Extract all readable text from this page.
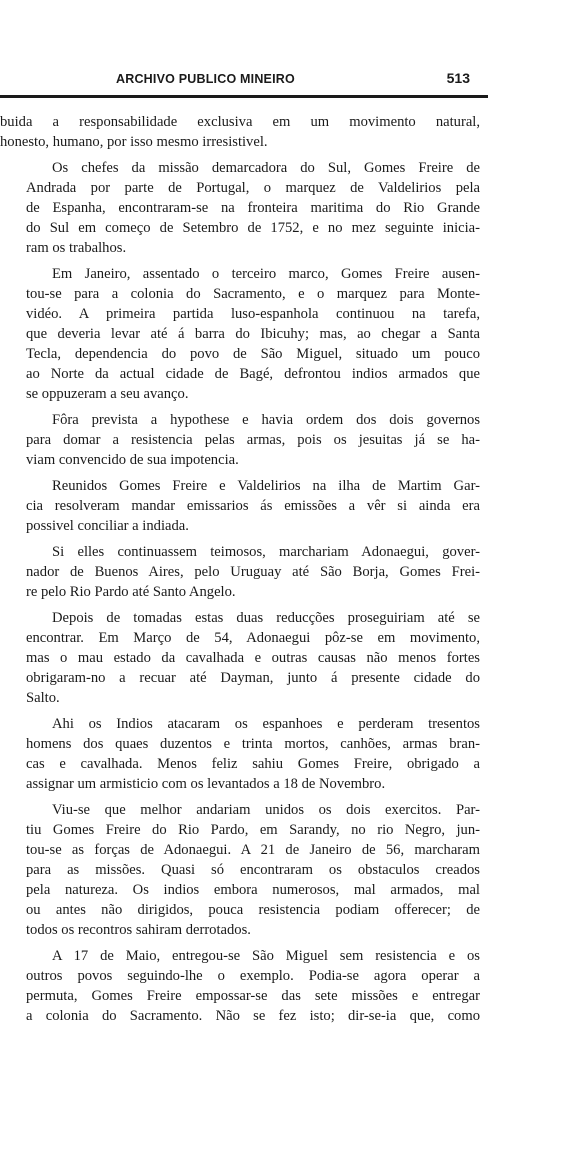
ARCHIVO PUBLICO MINEIRO	513
buida a responsabilidade exclusiva em um movimento natural,
honesto, humano, por isso mesmo irresistivel.
Os chefes da missão demarcadora do Sul, Gomes Freire de
Andrada por parte de Portugal, o marquez de Valdelirios pela
de Espanha, encontraram-se na fronteira maritima do Rio Grande
do Sul em começo de Setembro de 1752, e no mez seguinte inicia-
ram os trabalhos.
Em Janeiro, assentado o terceiro marco, Gomes Freire ausen-
tou-se para a colonia do Sacramento, e o marquez para Monte-
vidéo. A primeira partida luso-espanhola continuou na tarefa,
que deveria levar até á barra do Ibicuhy; mas, ao chegar a Santa
Tecla, dependencia do povo de São Miguel, situado um pouco
ao Norte da actual cidade de Bagé, defrontou indios armados que
se oppuzeram a seu avanço.
Fôra prevista a hypothese e havia ordem dos dois governos
para domar a resistencia pelas armas, pois os jesuitas já se ha-
viam convencido de sua impotencia.
Reunidos Gomes Freire e Valdelirios na ilha de Martim Gar-
cia resolveram mandar emissarios ás emissões a vêr si ainda era
possivel conciliar a indiada.
Si elles continuassem teimosos, marchariam Adonaegui, gover-
nador de Buenos Aires, pelo Uruguay até São Borja, Gomes Frei-
re pelo Rio Pardo até Santo Angelo.
Depois de tomadas estas duas reducções proseguiriam até se
encontrar. Em Março de 54, Adonaegui pôz-se em movimento,
mas o mau estado da cavalhada e outras causas não menos fortes
obrigaram-no a recuar até Dayman, junto á presente cidade do
Salto.
Ahi os Indios atacaram os espanhoes e perderam tresentos
homens dos quaes duzentos e trinta mortos, canhões, armas bran-
cas e cavalhada. Menos feliz sahiu Gomes Freire, obrigado a
assignar um armisticio com os levantados a 18 de Novembro.
Viu-se que melhor andariam unidos os dois exercitos. Par-
tiu Gomes Freire do Rio Pardo, em Sarandy, no rio Negro, jun-
tou-se as forças de Adonaegui. A 21 de Janeiro de 56, marcharam
para as missões. Quasi só encontraram os obstaculos creados
pela natureza. Os indios embora numerosos, mal armados, mal
ou antes não dirigidos, pouca resistencia podiam offerecer; de
todos os recontros sahiram derrotados.
A 17 de Maio, entregou-se São Miguel sem resistencia e os
outros povos seguindo-lhe o exemplo. Podia-se agora operar a
permuta, Gomes Freire empossar-se das sete missões e entregar
a colonia do Sacramento. Não se fez isto; dir-se-ia que, como
